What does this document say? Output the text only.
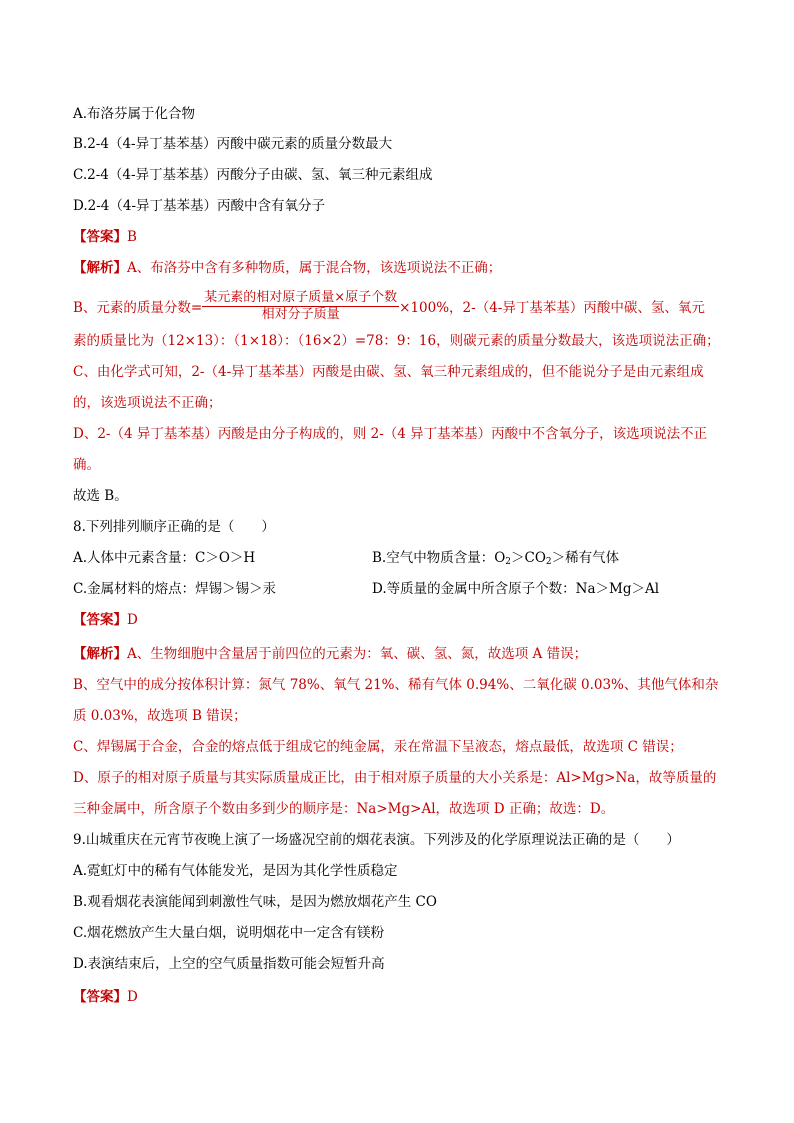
A.布洛芬属于化合物
B.2-4（4-异丁基苯基）丙酸中碳元素的质量分数最大
C.2-4（4-异丁基苯基）丙酸分子由碳、氢、氧三种元素组成
D.2-4（4-异丁基苯基）丙酸中含有氧分子
【答案】B
【解析】A、布洛芬中含有多种物质，属于混合物，该选项说法不正确；
B、元素的质量分数= $\frac{\text{某元素的相对原子质量×原子个数}}{\text{相对分子质量}} \times 100\%$，2-（4-异丁基苯基）丙酸中碳、氢、氧元
素的质量比为（12×13）：（1×18）：（16×2）=78：9：16，则碳元素的质量分数最大，该选项说法正确；
C、由化学式可知，2-（4-异丁基苯基）丙酸是由碳、氢、氧三种元素组成的，但不能说分子是由元素组成
的，该选项说法不正确；
D、2-（4 异丁基苯基）丙酸是由分子构成的，则 2-（4 异丁基苯基）丙酸中不含氧分子，该选项说法不正
确。
故选 B。
8.下列排列顺序正确的是（　　）
A.人体中元素含量：C＞O＞H	B.空气中物质含量：$O_2>CO_2>$稀有气体
C.金属材料的熔点：焊锡＞锡＞汞	D.等质量的金属中所含原子个数：Na＞Mg＞Al
【答案】D
【解析】A、生物细胞中含量居于前四位的元素为：氧、碳、氢、氮，故选项 A 错误；
B、空气中的成分按体积计算：氮气 78%、氧气 21%、稀有气体 0.94%、二氧化碳 0.03%、其他气体和杂
质 0.03%，故选项 B 错误；
C、焊锡属于合金，合金的熔点低于组成它的纯金属，汞在常温下呈液态，熔点最低，故选项 C 错误；
D、原子的相对原子质量与其实际质量成正比，由于相对原子质量的大小关系是：Al>Mg>Na，故等质量的
三种金属中，所含原子个数由多到少的顺序是：Na>Mg>Al，故选项 D 正确；故选：D。
9.山城重庆在元宵节夜晚上演了一场盛况空前的烟花表演。下列涉及的化学原理说法正确的是（　　）
A.霓虹灯中的稀有气体能发光，是因为其化学性质稳定
B.观看烟花表演能闻到刺激性气味，是因为燃放烟花产生 CO
C.烟花燃放产生大量白烟，说明烟花中一定含有镁粉
D.表演结束后，上空的空气质量指数可能会短暂升高
【答案】D
